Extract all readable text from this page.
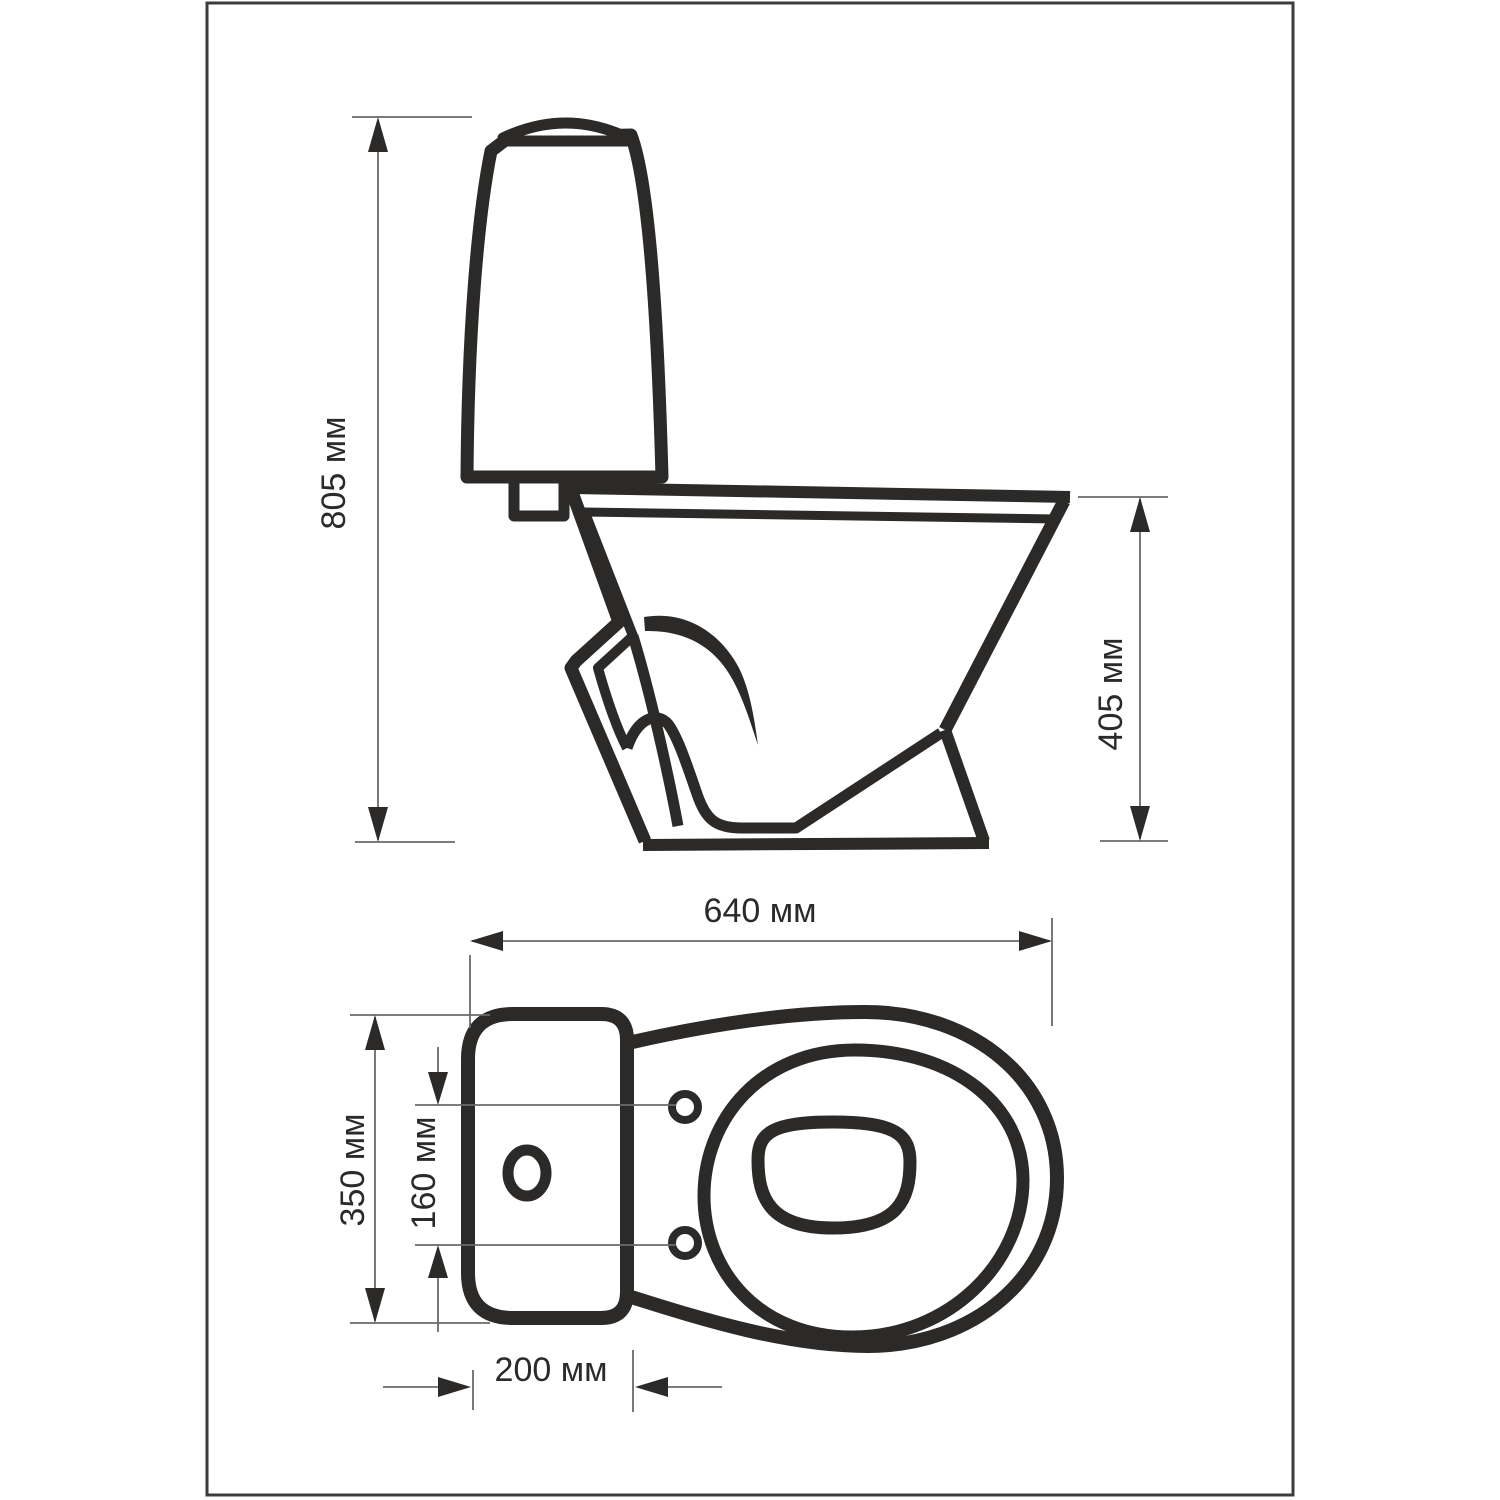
805 мм
405 мм
640 мм
350 мм 160 мм
200 мм
